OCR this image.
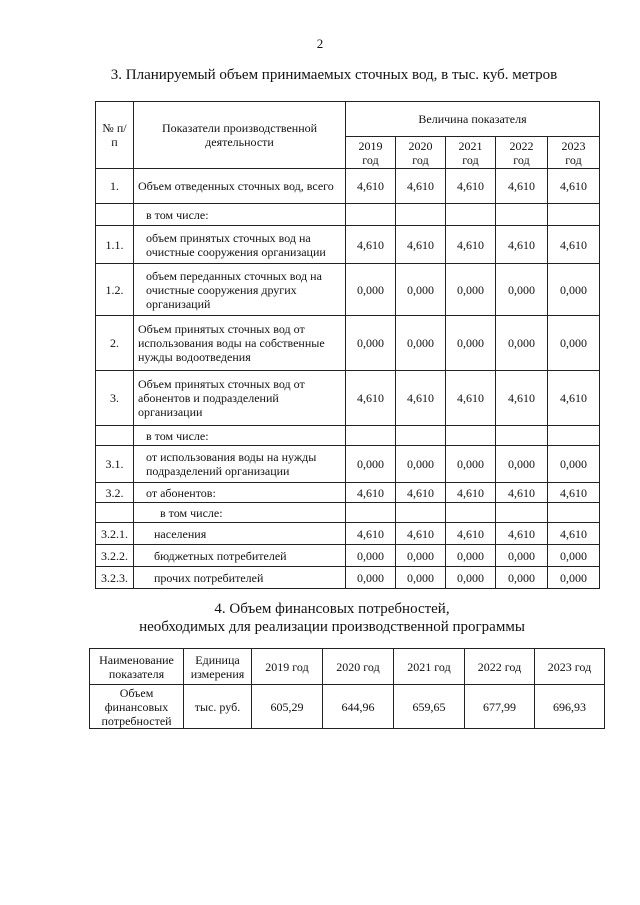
2
3. Планируемый объем принимаемых сточных вод, в тыс. куб. метров
№ п/п	Показатели производственной деятельности	Величина показателя				
		2019 год	2020 год	2021 год	2022 год	2023 год
1.	Объем отведенных сточных вод, всего	4,610	4,610	4,610	4,610	4,610
	в том числе:					
1.1.	объем принятых сточных вод на очистные сооружения организации	4,610	4,610	4,610	4,610	4,610
1.2.	объем переданных сточных вод на очистные сооружения других организаций	0,000	0,000	0,000	0,000	0,000
2.	Объем принятых сточных вод от использования воды на собственные нужды водоотведения	0,000	0,000	0,000	0,000	0,000
3.	Объем принятых сточных вод от абонентов и подразделений организации	4,610	4,610	4,610	4,610	4,610
	в том числе:					
3.1.	от использования воды на нужды подразделений организации	0,000	0,000	0,000	0,000	0,000
3.2.	от абонентов:	4,610	4,610	4,610	4,610	4,610
	в том числе:					
3.2.1.	населения	4,610	4,610	4,610	4,610	4,610
3.2.2.	бюджетных потребителей	0,000	0,000	0,000	0,000	0,000
3.2.3.	прочих потребителей	0,000	0,000	0,000	0,000	0,000
4. Объем финансовых потребностей,
необходимых для реализации производственной программы
Наименование показателя	Единица измерения	2019 год	2020 год	2021 год	2022 год	2023 год
Объем финансовых потребностей	тыс. руб.	605,29	644,96	659,65	677,99	696,93
